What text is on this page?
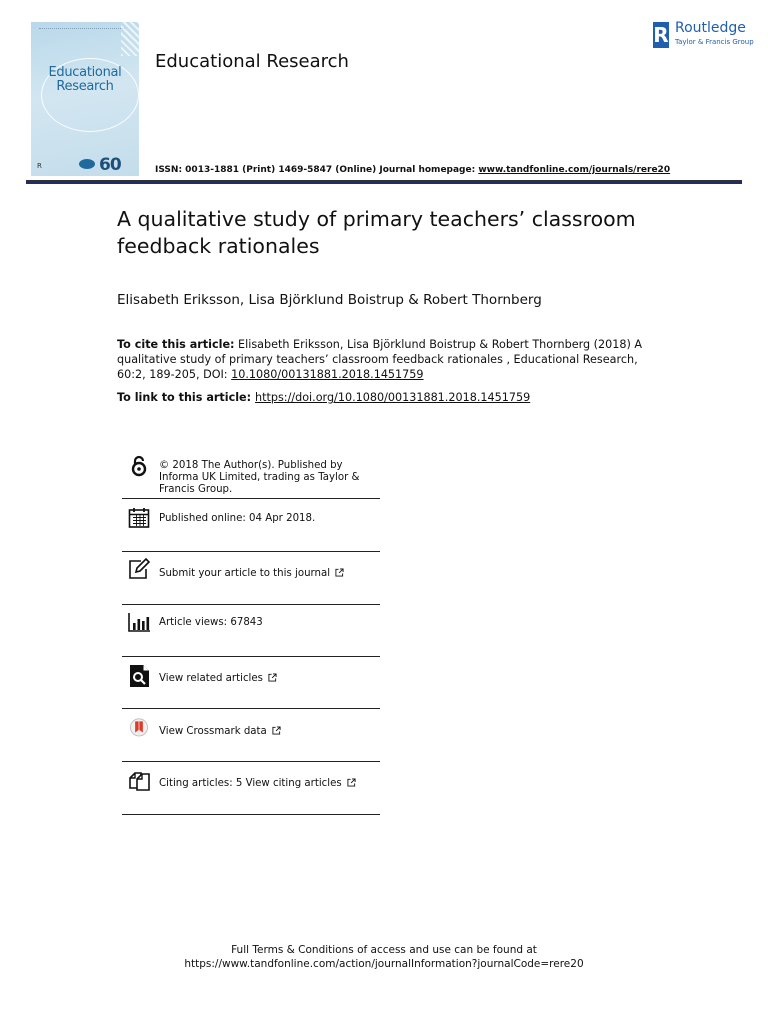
Educational
Research
R	60
Educational Research
R Routledge
Taylor & Francis Group
ISSN: 0013-1881 (Print) 1469-5847 (Online) Journal homepage: www.tandfonline.com/journals/rere20
A qualitative study of primary teachers’ classroom feedback rationales
Elisabeth Eriksson, Lisa Björklund Boistrup & Robert Thornberg
To cite this article: Elisabeth Eriksson, Lisa Björklund Boistrup & Robert Thornberg (2018) A qualitative study of primary teachers’ classroom feedback rationales , Educational Research, 60:2, 189-205, DOI: 10.1080/00131881.2018.1451759
To link to this article: https://doi.org/10.1080/00131881.2018.1451759
© 2018 The Author(s). Published by Informa UK Limited, trading as Taylor & Francis Group.
Published online: 04 Apr 2018.
Submit your article to this journal
Article views: 67843
View related articles
View Crossmark data
Citing articles: 5 View citing articles
Full Terms & Conditions of access and use can be found at
https://www.tandfonline.com/action/journalInformation?journalCode=rere20
